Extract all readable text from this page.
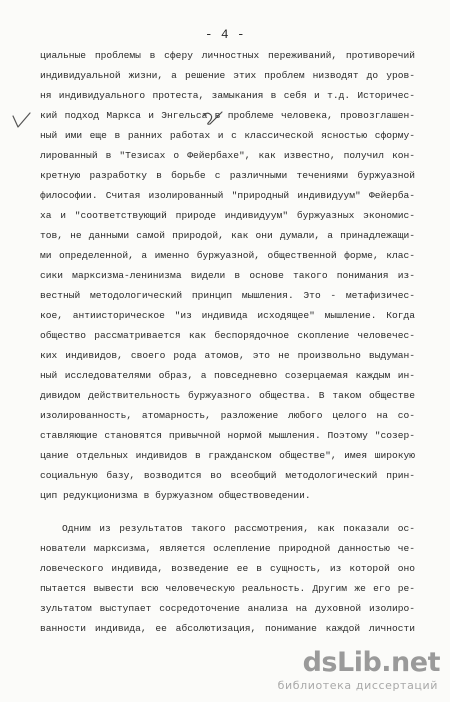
- 4 -
циальные проблемы в сферу личностных переживаний, противоречий
индивидуальной жизни, а решение этих проблем низводят до уров-
ня индивидуального протеста, замыкания в себя и т.д. Историчес-
кий подход Маркса и Энгельса в проблеме человека, провозглашен-
ный ими еще в ранних работах и с классической ясностью сформу-
лированный в "Тезисах о Фейербахе", как известно, получил кон-
кретную разработку в борьбе с различными течениями буржуазной
философии. Считая изолированный "природный индивидуум" Фейерба-
ха и "соответствующий природе индивидуум" буржуазных экономис-
тов, не данными самой природой, как они думали, а принадлежащи-
ми определенной, а именно буржуазной, общественной форме, клас-
сики марксизма-ленинизма видели в основе такого понимания из-
вестный методологический принцип мышления. Это - метафизичес-
кое, антиисторическое "из индивида исходящее" мышление. Когда
общество рассматривается как беспорядочное скопление человечес-
ких индивидов, своего рода атомов, это не произвольно выдуман-
ный исследователями образ, а повседневно созерцаемая каждым ин-
дивидом действительность буржуазного общества. В таком обществе
изолированность, атомарность, разложение любого целого на со-
ставляющие становятся привычной нормой мышления. Поэтому "созер-
цание отдельных индивидов в гражданском обществе", имея широкую
социальную базу, возводится во всеобщий методологический прин-
цип редукционизма в буржуазном обществоведении.
Одним из результатов такого рассмотрения, как показали ос-
нователи марксизма, является ослепление природной данностью че-
ловеческого индивида, возведение ее в сущность, из которой оно
пытается вывести всю человеческую реальность. Другим же его ре-
зультатом выступает сосредоточение анализа на духовной изолиро-
ванности индивида, ее абсолютизация, понимание каждой личности
dsLib.net
библиотека диссертаций
